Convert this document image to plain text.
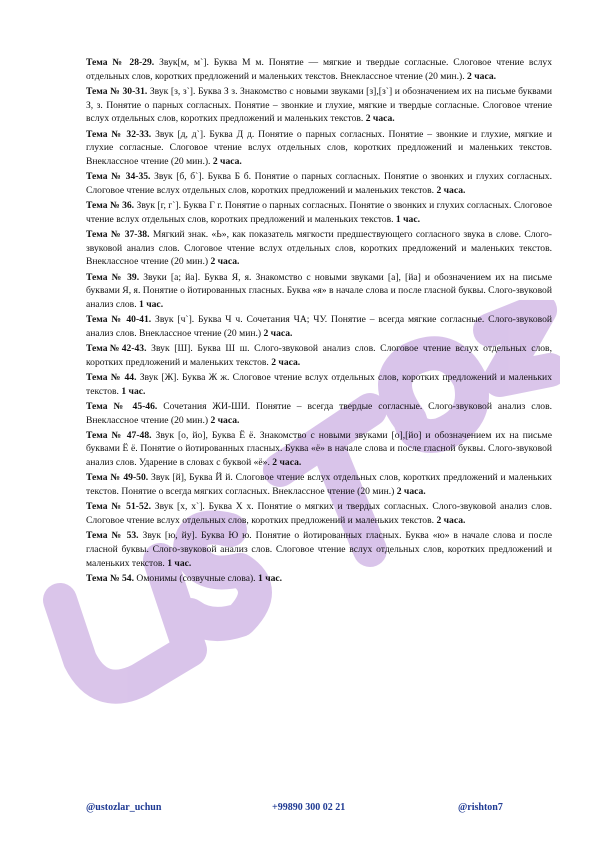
Тема № 28-29. Звук[м, м`]. Буква М м. Понятие — мягкие и твердые согласные. Слоговое чтение вслух отдельных слов, коротких предложений и маленьких текстов. Внеклассное чтение (20 мин.). 2 часа.

Тема № 30-31. Звук [з, з`]. Буква З з. Знакомство с новыми звуками [з],[з`] и обозначением их на письме буквами З, з. Понятие о парных согласных. Понятие – звонкие и глухие, мягкие и твердые согласные. Слоговое чтение вслух отдельных слов, коротких предложений и маленьких текстов. 2 часа.

Тема № 32-33. Звук [д, д`]. Буква Д д. Понятие о парных согласных. Понятие – звонкие и глухие, мягкие и глухие согласные. Слоговое чтение вслух отдельных слов, коротких предложений и маленьких текстов. Внеклассное чтение (20 мин.). 2 часа.

Тема № 34-35. Звук [б, б`]. Буква Б б. Понятие о парных согласных. Понятие о звонких и глухих согласных. Слоговое чтение вслух отдельных слов, коротких предложений и маленьких текстов. 2 часа.

Тема № 36. Звук [г, г`]. Буква Г г. Понятие о парных согласных. Понятие о звонких и глухих согласных. Слоговое чтение вслух отдельных слов, коротких предложений и маленьких текстов. 1 час.

Тема № 37-38. Мягкий знак. «Ь», как показатель мягкости предшествующего согласного звука в слове. Слого-звуковой анализ слов. Слоговое чтение вслух отдельных слов, коротких предложений и маленьких текстов. Внеклассное чтение (20 мин.) 2 часа.

Тема № 39. Звуки [а; йа]. Буква Я, я. Знакомство с новыми звуками [а], [йа] и обозначением их на письме буквами Я, я. Понятие о йотированных гласных. Буква «я» в начале слова и после гласной буквы. Слого-звуковой анализ слов. 1 час.

Тема № 40-41. Звук [ч`]. Буква Ч ч. Сочетания ЧА; ЧУ. Понятие – всегда мягкие согласные. Слого-звуковой анализ слов. Внеклассное чтение (20 мин.) 2 часа.

Тема№42-43. Звук [Ш]. Буква Ш ш. Слого-звуковой анализ слов. Слоговое чтение вслух отдельных слов, коротких предложений и маленьких текстов. 2 часа.

Тема № 44. Звук [Ж]. Буква Ж ж. Слоговое чтение вслух отдельных слов, коротких предложений и маленьких текстов. 1 час.

Тема № 45-46. Сочетания ЖИ-ШИ. Понятие – всегда твердые согласные. Слого-звуковой анализ слов. Внеклассное чтение (20 мин.) 2 часа.

Тема № 47-48. Звук [о, йо], Буква Ё ё. Знакомство с новыми звуками [о],[йо] и обозначением их на письме буквами Ё ё. Понятие о йотированных гласных. Буква «ё» в начале слова и после гласной буквы. Слого-звуковой анализ слов. Ударение в словах с буквой «ё». 2 часа.

Тема № 49-50. Звук [й], Буква Й й. Слоговое чтение вслух отдельных слов, коротких предложений и маленьких текстов. Понятие о всегда мягких согласных. Внеклассное чтение (20 мин.) 2 часа.

Тема № 51-52. Звук [х, х`]. Буква Х х. Понятие о мягких и твердых согласных. Слого-звуковой анализ слов. Слоговое чтение вслух отдельных слов, коротких предложений и маленьких текстов. 2 часа.

Тема № 53. Звук [ю, йу]. Буква Ю ю. Понятие о йотированных гласных. Буква «ю» в начале слова и после гласной буквы. Слого-звуковой анализ слов. Слоговое чтение вслух отдельных слов, коротких предложений и маленьких текстов. 1 час.

Тема № 54. Омонимы (созвучные слова). 1 час.

@ustozlar_uchun	+99890 300 02 21	@rishton7
